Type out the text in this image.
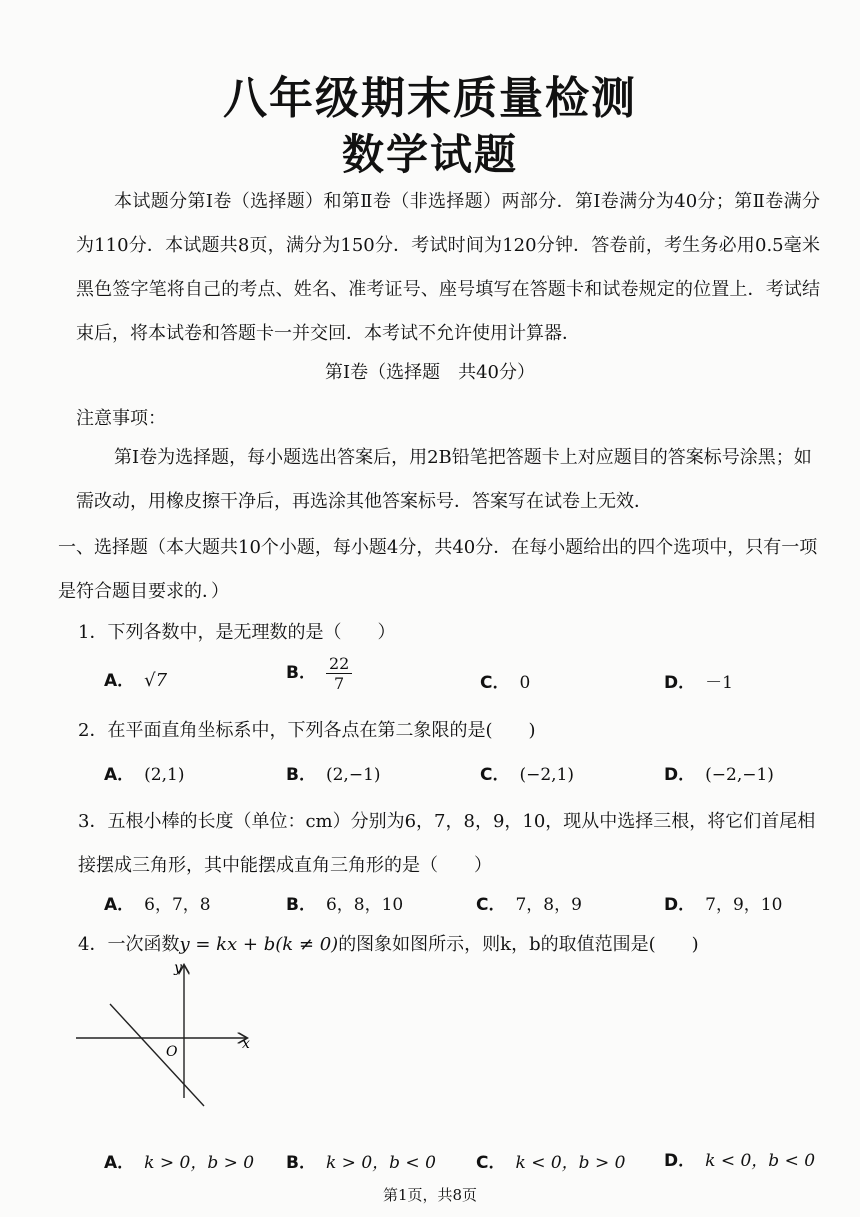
八年级期末质量检测
数学试题
本试题分第Ⅰ卷（选择题）和第Ⅱ卷（非选择题）两部分．第Ⅰ卷满分为40分；第Ⅱ卷满分为110分．本试题共8页，满分为150分．考试时间为120分钟．答卷前，考生务必用0.5毫米黑色签字笔将自己的考点、姓名、准考证号、座号填写在答题卡和试卷规定的位置上．考试结束后，将本试卷和答题卡一并交回．本考试不允许使用计算器．
第Ⅰ卷（选择题　共40分）
注意事项：
第Ⅰ卷为选择题，每小题选出答案后，用2B铅笔把答题卡上对应题目的答案标号涂黑；如需改动，用橡皮擦干净后，再选涂其他答案标号．答案写在试卷上无效．
一、选择题（本大题共10个小题，每小题4分，共40分．在每小题给出的四个选项中，只有一项是符合题目要求的．）
1．下列各数中，是无理数的是（　　）
A． √7	B． $\frac{22}{7}$	C． 0	D． －1
2．在平面直角坐标系中，下列各点在第二象限的是(　　)
A． (2,1)	B． (2,−1)	C． (−2,1)	D． (−2,−1)
3．五根小棒的长度（单位：cm）分别为6，7，8，9，10，现从中选择三根，将它们首尾相接摆成三角形，其中能摆成直角三角形的是（　　）
A． 6，7，8	B． 6，8，10	C． 7，8，9	D． 7，9，10
4．一次函数y = kx + b(k ≠ 0)的图象如图所示，则k，b的取值范围是(　　)
y
x
O
A． k > 0，b > 0 B． k > 0，b < 0 C． k < 0，b > 0 D． k < 0，b < 0
第1页，共8页
